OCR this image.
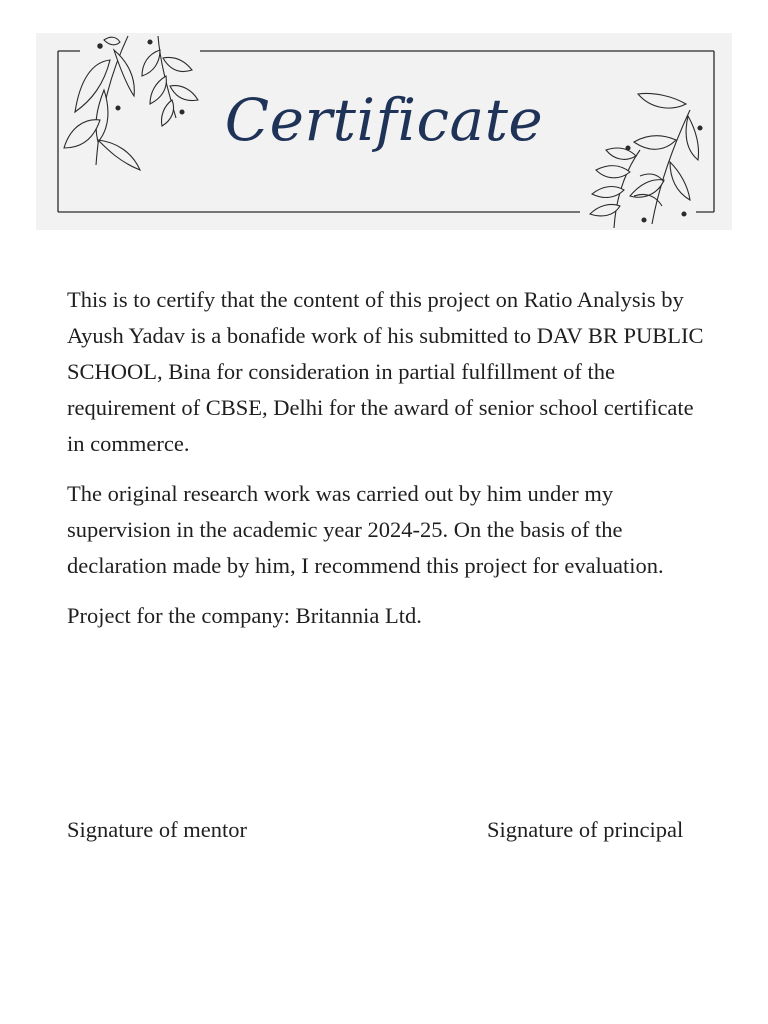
Certificate

This is to certify that the content of this project on Ratio Analysis by Ayush Yadav is a bonafide work of his submitted to DAV BR PUBLIC SCHOOL, Bina for consideration in partial fulfillment of the requirement of CBSE, Delhi for the award of senior school certificate in commerce.

The original research work was carried out by him under my supervision in the academic year 2024-25. On the basis of the declaration made by him, I recommend this project for evaluation.

Project for the company: Britannia Ltd.

Signature of mentor	Signature of principal
